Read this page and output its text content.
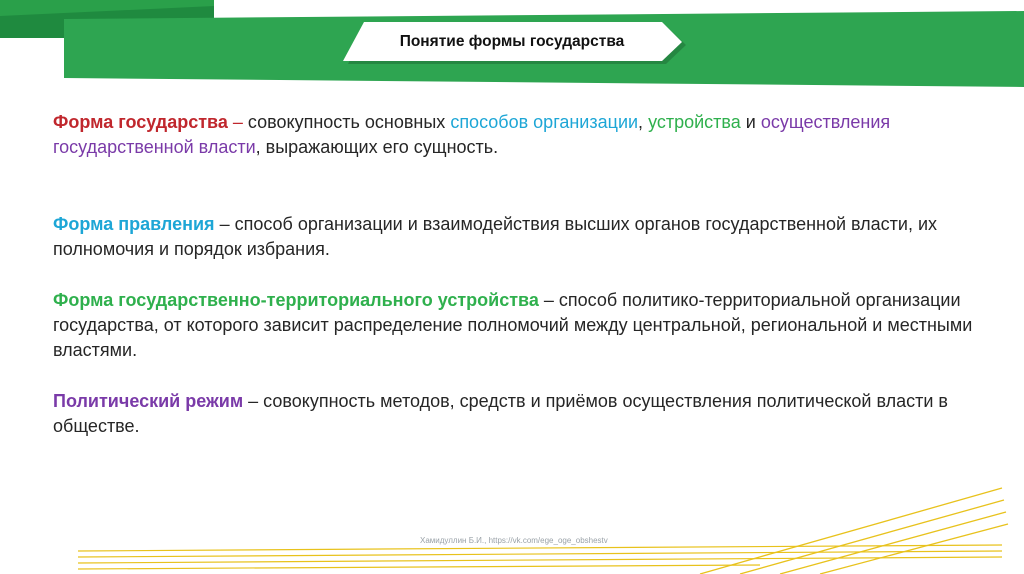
Понятие формы государства

Форма государства – совокупность основных способов организации, устройства и осуществления государственной власти, выражающих его сущность.

Форма правления – способ организации и взаимодействия высших органов государственной власти, их полномочия и порядок избрания.

Форма государственно-территориального устройства – способ политико-территориальной организации государства, от которого зависит распределение полномочий между центральной, региональной и местными властями.

Политический режим – совокупность методов, средств и приёмов осуществления политической власти в обществе.

Хамидуллин Б.И., https://vk.com/ege_oge_obshestv
